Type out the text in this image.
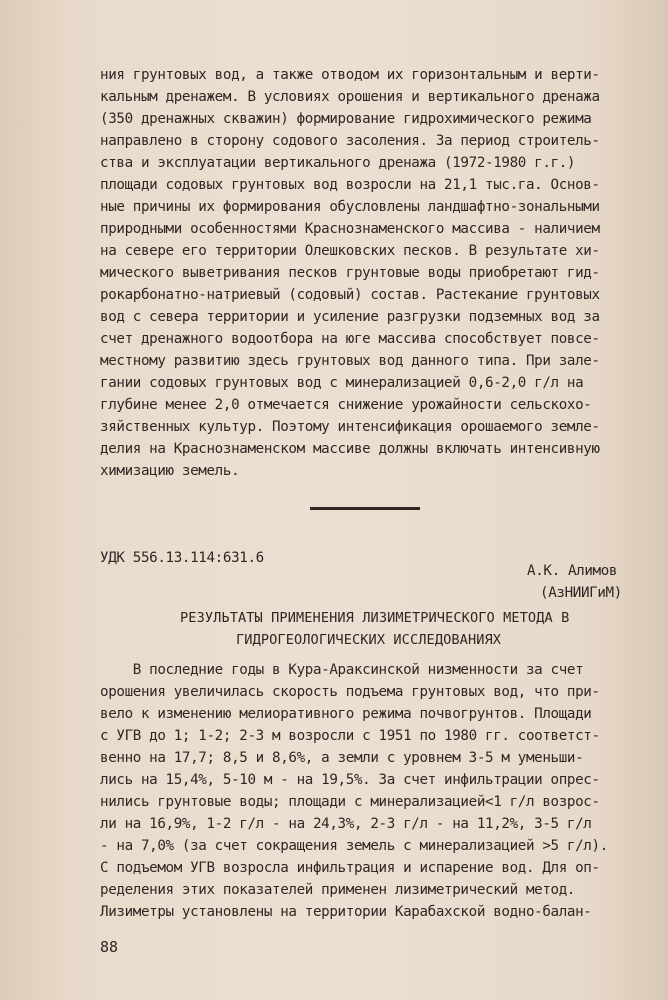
ния грунтовых вод, а также отводом их горизонтальным и верти-
кальным дренажем. В условиях орошения и вертикального дренажа
(350 дренажных скважин) формирование гидрохимического режима
направлено в сторону содового засоления. За период строитель-
ства и эксплуатации вертикального дренажа (1972-1980 г.г.)
площади содовых грунтовых вод возросли на 21,1 тыс.га. Основ-
ные причины их формирования обусловлены ландшафтно-зональными
природными особенностями Краснознаменского массива - наличием
на севере его территории Олешковских песков. В результате хи-
мического выветривания песков грунтовые воды приобретают гид-
рокарбонатно-натриевый (содовый) состав. Растекание грунтовых
вод с севера территории и усиление разгрузки подземных вод за
счет дренажного водоотбора на юге массива способствует повсе-
местному развитию здесь грунтовых вод данного типа. При зале-
гании содовых грунтовых вод с минерализацией 0,6-2,0 г/л на
глубине менее 2,0 отмечается снижение урожайности сельскохо-
зяйственных культур. Поэтому интенсификация орошаемого земле-
делия на Краснознаменском массиве должны включать интенсивную
химизацию земель.
УДК 556.13.114:631.6
А.К. Алимов
(АзНИИГиМ)
РЕЗУЛЬТАТЫ ПРИМЕНЕНИЯ ЛИЗИМЕТРИЧЕСКОГО МЕТОДА В
ГИДРОГЕОЛОГИЧЕСКИХ ИССЛЕДОВАНИЯХ
В последние годы в Кура-Араксинской низменности за счет
орошения увеличилась скорость подъема грунтовых вод, что при-
вело к изменению мелиоративного режима почвогрунтов. Площади
с УГВ до 1; 1-2; 2-3 м возросли с 1951 по 1980 гг. соответст-
венно на 17,7; 8,5 и 8,6%, а земли с уровнем 3-5 м уменьши-
лись на 15,4%, 5-10 м - на 19,5%. За счет инфильтрации опрес-
нились грунтовые воды; площади с минерализацией<1 г/л возрос-
ли на 16,9%, 1-2 г/л - на 24,3%, 2-3 г/л - на 11,2%, 3-5 г/л
- на 7,0% (за счет сокращения земель с минерализацией >5 г/л).
С подъемом УГВ возросла инфильтрация и испарение вод. Для оп-
ределения этих показателей применен лизиметрический метод.
Лизиметры установлены на территории Карабахской водно-балан-
88
